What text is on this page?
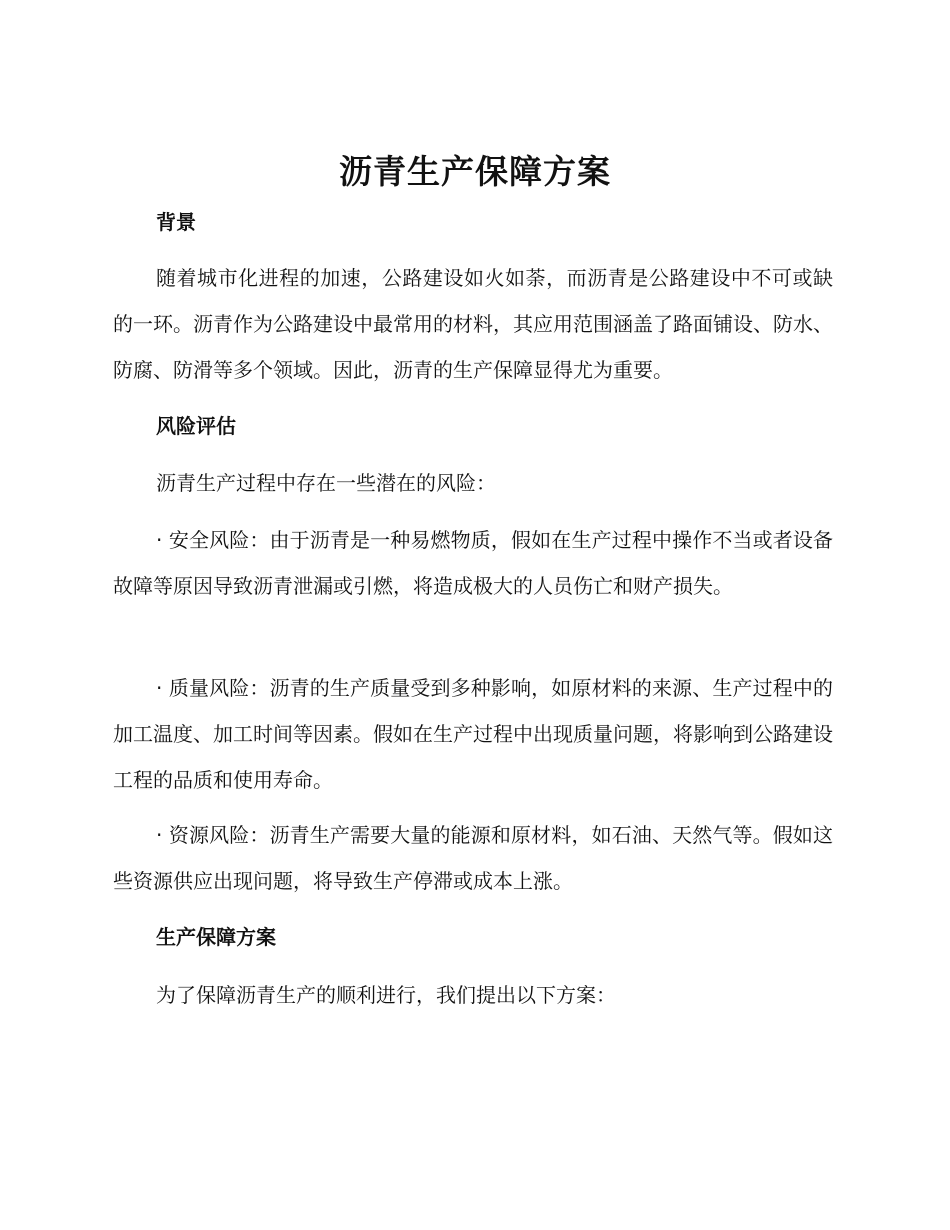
沥青生产保障方案
背景

随着城市化进程的加速，公路建设如火如荼，而沥青是公路建设中不可或缺的一环。沥青作为公路建设中最常用的材料，其应用范围涵盖了路面铺设、防水、防腐、防滑等多个领域。因此，沥青的生产保障显得尤为重要。

风险评估

沥青生产过程中存在一些潜在的风险：

· 安全风险：由于沥青是一种易燃物质，假如在生产过程中操作不当或者设备故障等原因导致沥青泄漏或引燃，将造成极大的人员伤亡和财产损失。

· 质量风险：沥青的生产质量受到多种影响，如原材料的来源、生产过程中的加工温度、加工时间等因素。假如在生产过程中出现质量问题，将影响到公路建设工程的品质和使用寿命。

· 资源风险：沥青生产需要大量的能源和原材料，如石油、天然气等。假如这些资源供应出现问题，将导致生产停滞或成本上涨。

生产保障方案

为了保障沥青生产的顺利进行，我们提出以下方案：
